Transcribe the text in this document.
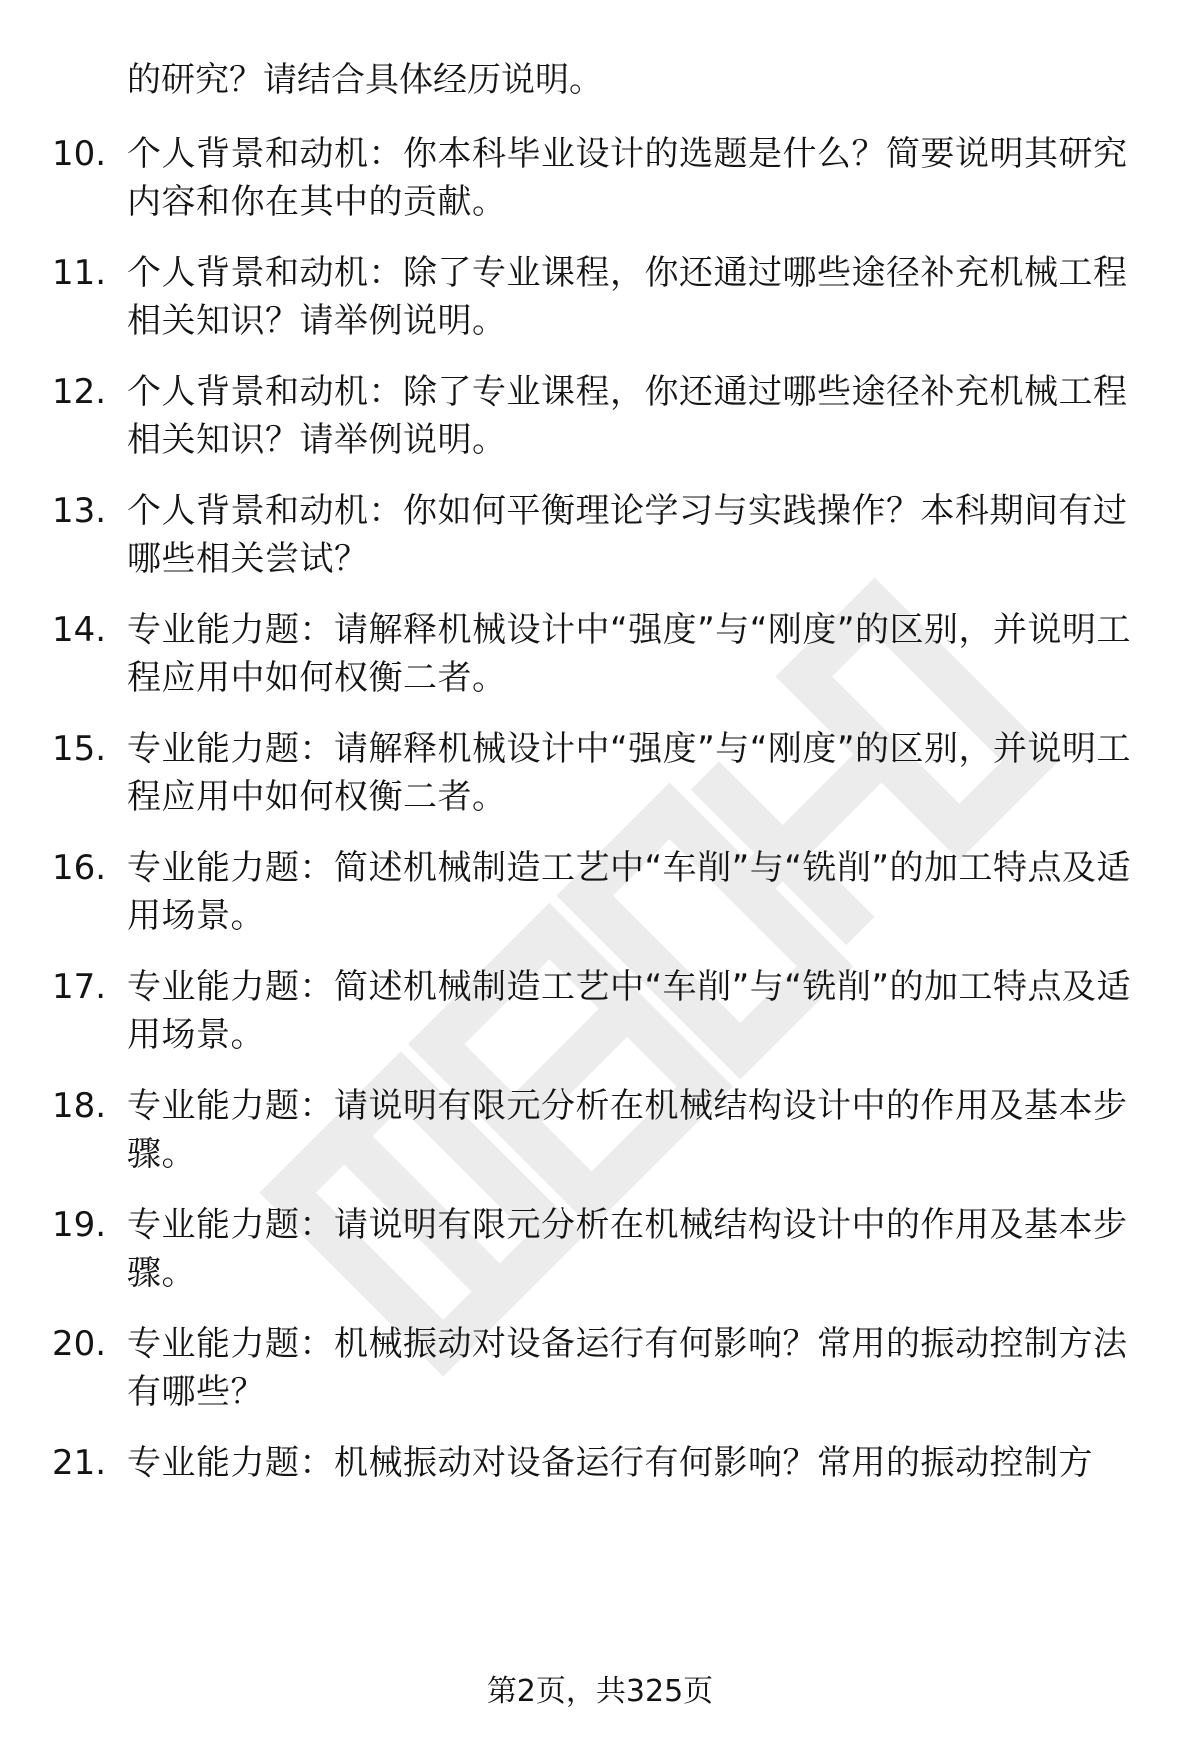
的研究？请结合具体经历说明。

10. 个人背景和动机：你本科毕业设计的选题是什么？简要说明其研究内容和你在其中的贡献。
11. 个人背景和动机：除了专业课程，你还通过哪些途径补充机械工程相关知识？请举例说明。
12. 个人背景和动机：除了专业课程，你还通过哪些途径补充机械工程相关知识？请举例说明。
13. 个人背景和动机：你如何平衡理论学习与实践操作？本科期间有过哪些相关尝试？
14. 专业能力题：请解释机械设计中“强度”与“刚度”的区别，并说明工程应用中如何权衡二者。
15. 专业能力题：请解释机械设计中“强度”与“刚度”的区别，并说明工程应用中如何权衡二者。
16. 专业能力题：简述机械制造工艺中“车削”与“铣削”的加工特点及适用场景。
17. 专业能力题：简述机械制造工艺中“车削”与“铣削”的加工特点及适用场景。
18. 专业能力题：请说明有限元分析在机械结构设计中的作用及基本步骤。
19. 专业能力题：请说明有限元分析在机械结构设计中的作用及基本步骤。
20. 专业能力题：机械振动对设备运行有何影响？常用的振动控制方法有哪些？
21. 专业能力题：机械振动对设备运行有何影响？常用的振动控制方
第2页，共325页
